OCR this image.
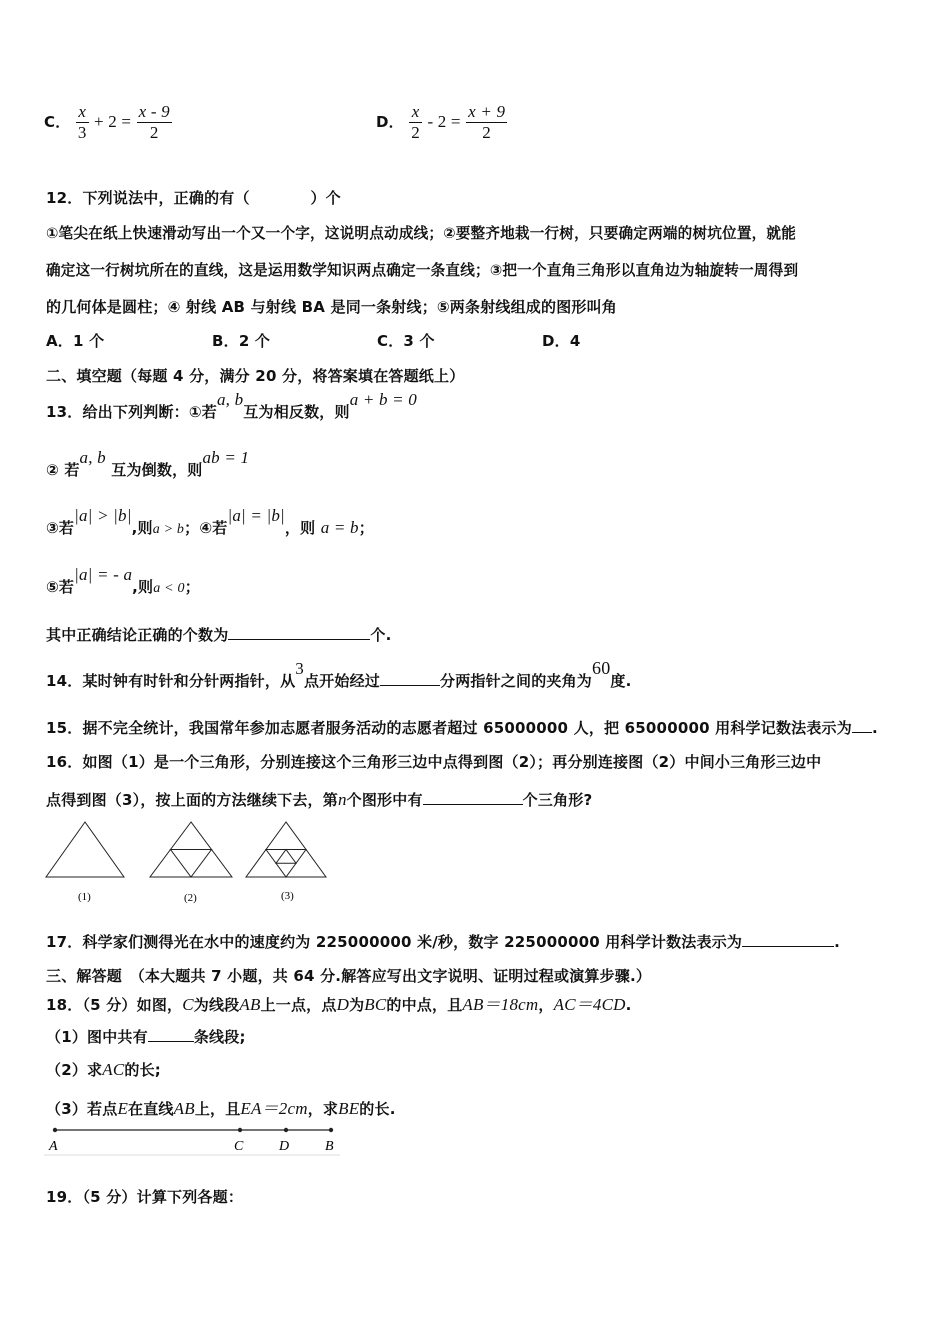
C． $\frac{x}{3} + 2 = \frac{x - 9}{2}$	D． $\frac{x}{2} - 2 = \frac{x + 9}{2}$
12．下列说法中，正确的有（　　　　）个
①笔尖在纸上快速滑动写出一个又一个字，这说明点动成线；②要整齐地栽一行树，只要确定两端的树坑位置，就能
确定这一行树坑所在的直线，这是运用数学知识两点确定一条直线；③把一个直角三角形以直角边为轴旋转一周得到
的几何体是圆柱；④ 射线 AB 与射线 BA 是同一条射线；⑤两条射线组成的图形叫角
A．1 个	B．2 个	C．3 个	D．4
二、填空题（每题 4 分，满分 20 分，将答案填在答题纸上）
13．给出下列判断：①若a, b互为相反数，则a + b = 0
② 若a, b 互为倒数，则ab = 1
③若|a| > |b|,则a > b；④若|a| = |b|，则 a = b；
⑤若|a| = - a,则a < 0；
其中正确结论正确的个数为	个.
14．某时钟有时针和分针两指针，从3点开始经过	分两指针之间的夹角为60度.
15．据不完全统计，我国常年参加志愿者服务活动的志愿者超过 65000000 人，把 65000000 用科学记数法表示为 .
16．如图（1）是一个三角形，分别连接这个三角形三边中点得到图（2）；再分别连接图（2）中间小三角形三边中
点得到图（3），按上面的方法继续下去，第n个图形中有	个三角形?
(1)	(2)	(3)
17．科学家们测得光在水中的速度约为 225000000 米/秒，数字 225000000 用科学计数法表示为	.
三、解答题　（本大题共 7 小题，共 64 分.解答应写出文字说明、证明过程或演算步骤.）
18．（5 分）如图，C为线段AB上一点，点D为BC的中点，且AB＝18cm，AC＝4CD.
（1）图中共有	条线段;
（2）求AC的长;
（3）若点E在直线AB上，且EA＝2cm，求BE的长.
A	C	D	B
19．（5 分）计算下列各题：
